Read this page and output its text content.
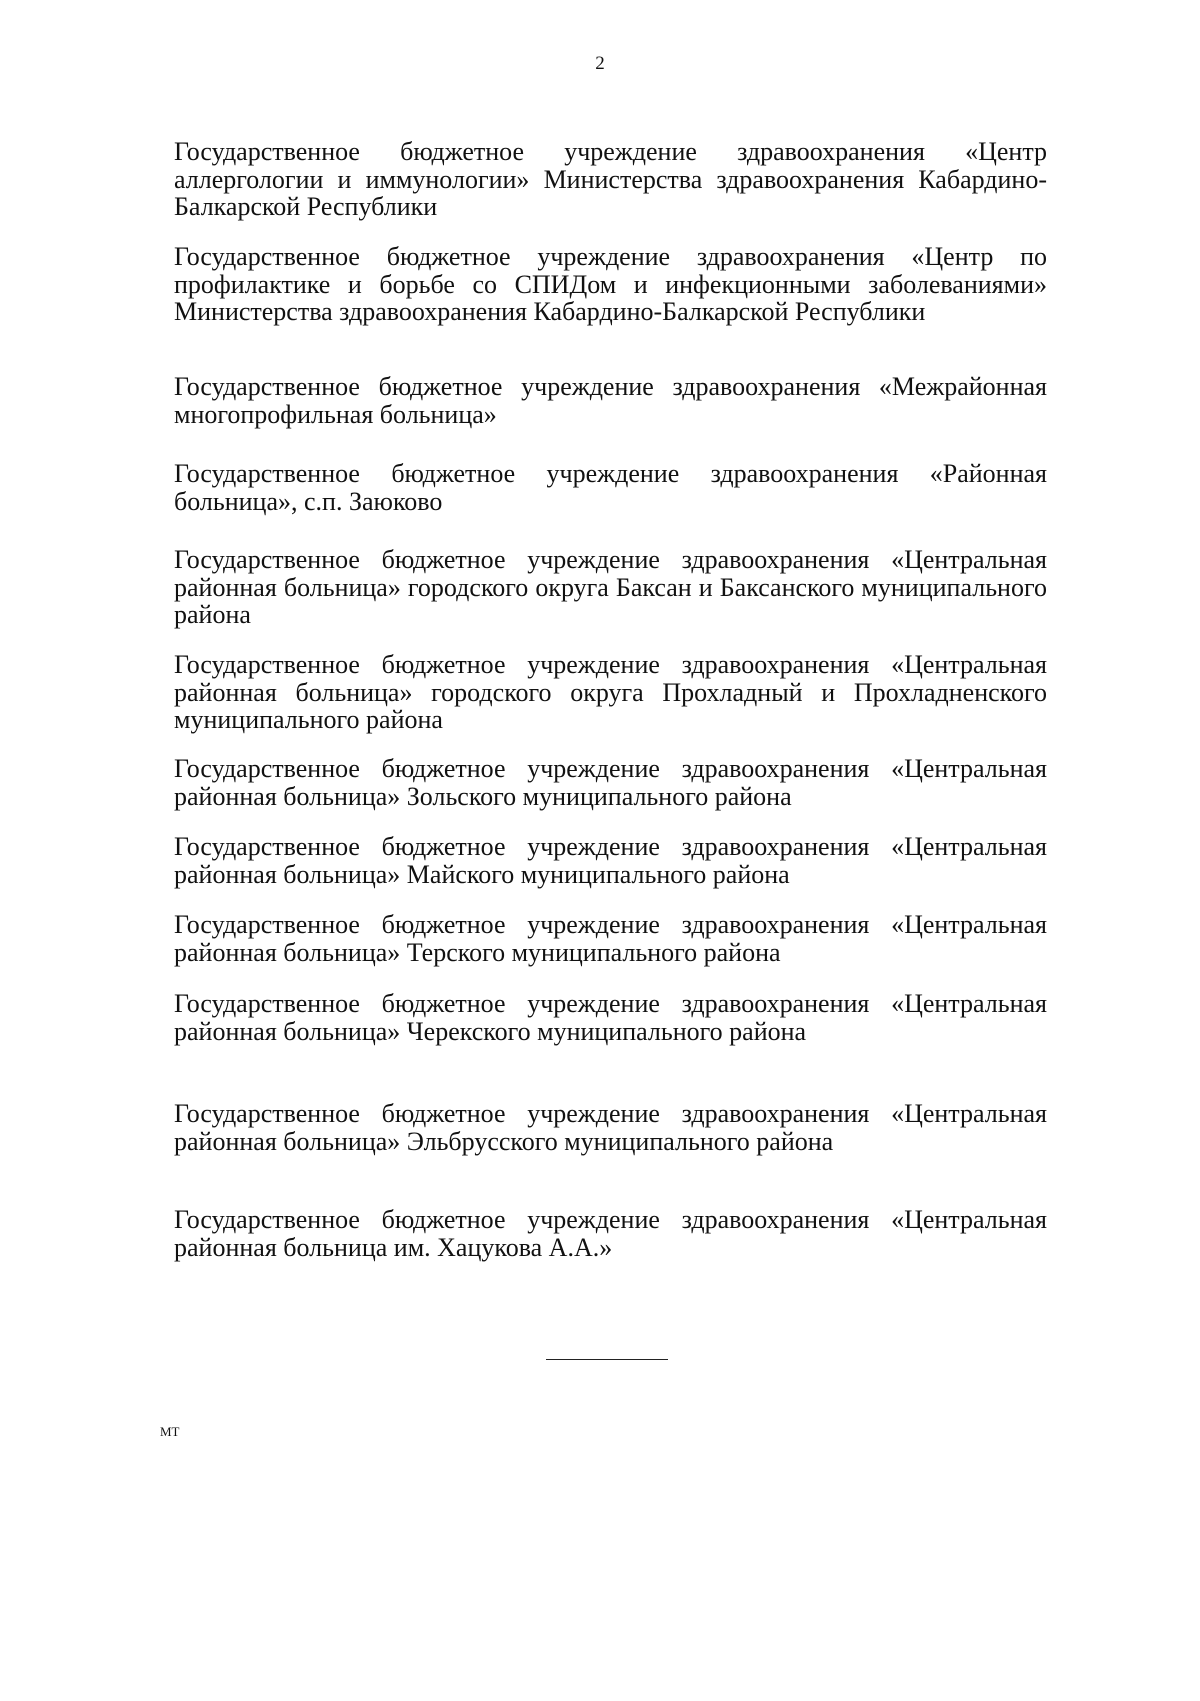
2
Государственное бюджетное учреждение здравоохранения «Центр аллергологии и иммунологии» Министерства здравоохранения Кабардино-Балкарской Республики
Государственное бюджетное учреждение здравоохранения «Центр по профилактике и борьбе со СПИДом и инфекционными заболеваниями» Министерства здравоохранения Кабардино-Балкарской Республики
Государственное бюджетное учреждение здравоохранения «Межрайонная многопрофильная больница»
Государственное бюджетное учреждение здравоохранения «Районная больница», с.п. Заюково
Государственное бюджетное учреждение здравоохранения «Центральная районная больница» городского округа Баксан и Баксанского муниципального района
Государственное бюджетное учреждение здравоохранения «Центральная районная больница» городского округа Прохладный и Прохладненского муниципального района
Государственное бюджетное учреждение здравоохранения «Центральная районная больница» Зольского муниципального района
Государственное бюджетное учреждение здравоохранения «Центральная районная больница» Майского муниципального района
Государственное бюджетное учреждение здравоохранения «Центральная районная больница» Терского муниципального района
Государственное бюджетное учреждение здравоохранения «Центральная районная больница» Черекского муниципального района
Государственное бюджетное учреждение здравоохранения «Центральная районная больница» Эльбрусского муниципального района
Государственное бюджетное учреждение здравоохранения «Центральная районная больница им. Хацукова А.А.»
МТ
